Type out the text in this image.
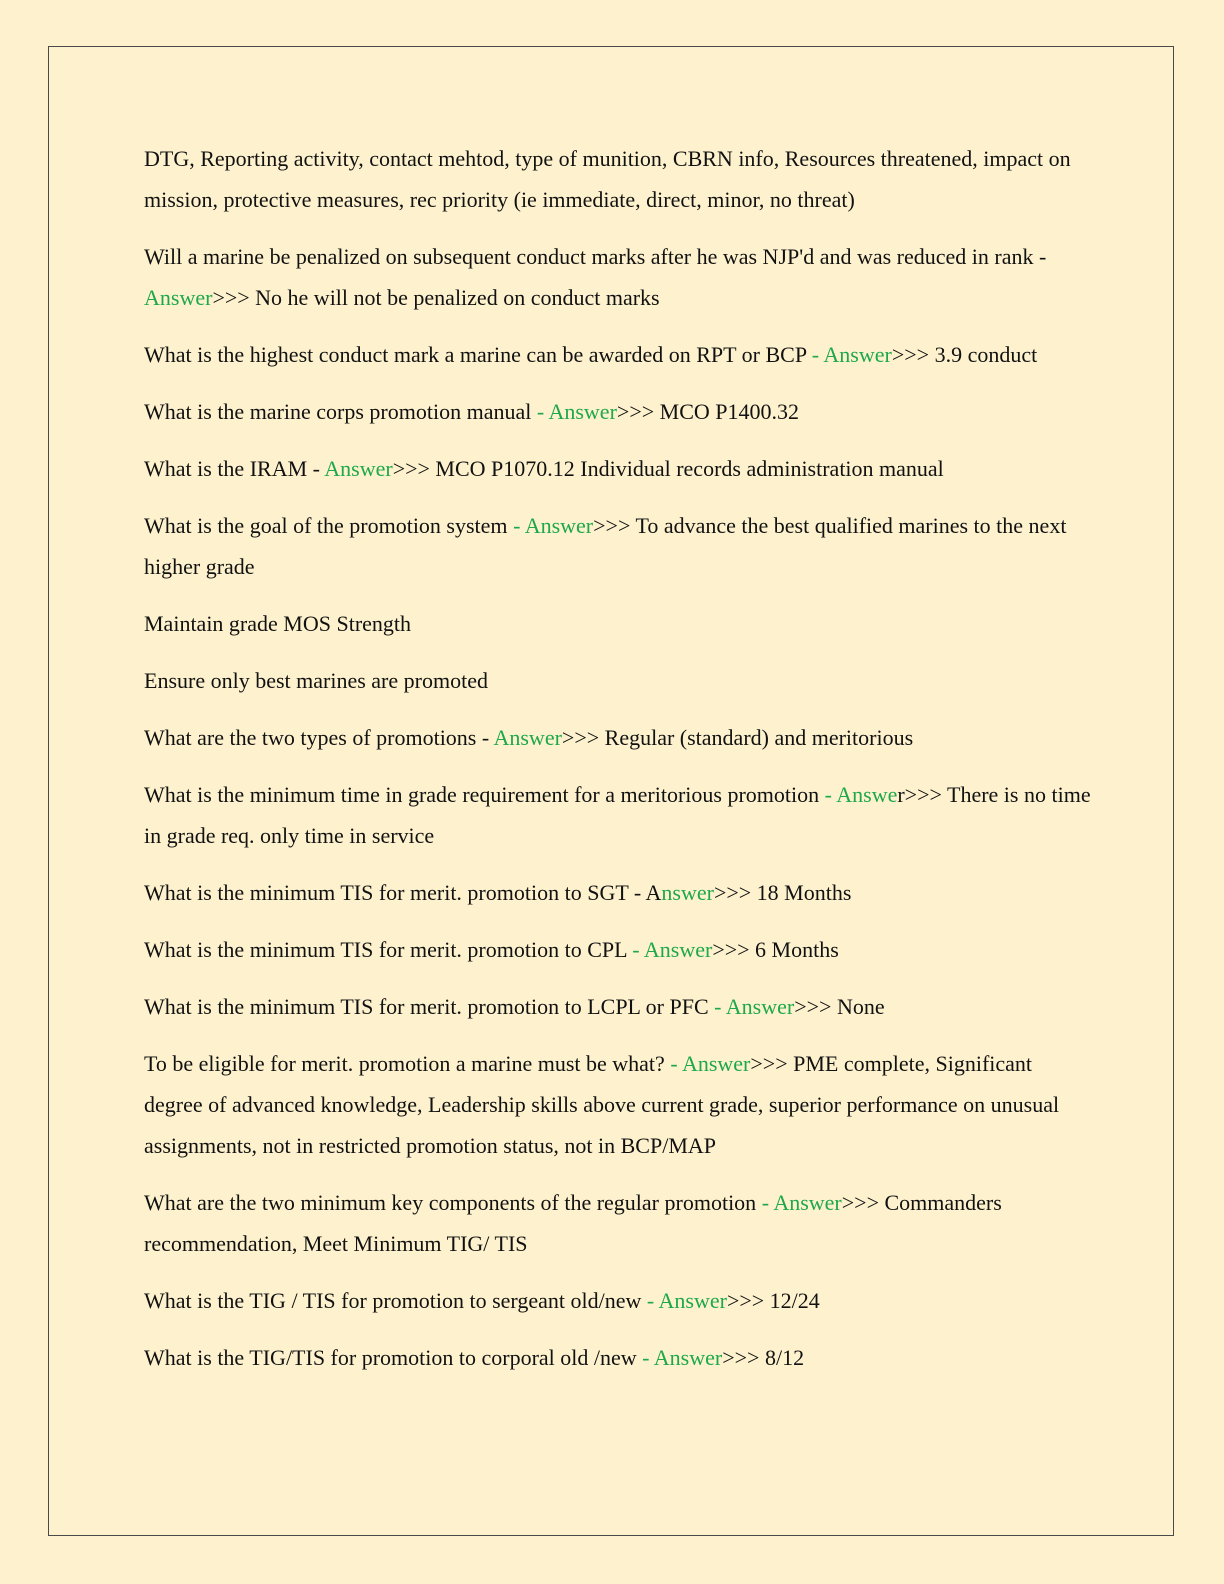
DTG, Reporting activity, contact mehtod, type of munition, CBRN info, Resources threatened, impact on mission, protective measures, rec priority (ie immediate, direct, minor, no threat)

Will a marine be penalized on subsequent conduct marks after he was NJP'd and was reduced in rank - Answer>>> No he will not be penalized on conduct marks

What is the highest conduct mark a marine can be awarded on RPT or BCP - Answer>>> 3.9 conduct

What is the marine corps promotion manual - Answer>>> MCO P1400.32

What is the IRAM - Answer>>> MCO P1070.12 Individual records administration manual

What is the goal of the promotion system - Answer>>> To advance the best qualified marines to the next higher grade

Maintain grade MOS Strength

Ensure only best marines are promoted

What are the two types of promotions - Answer>>> Regular (standard) and meritorious

What is the minimum time in grade requirement for a meritorious promotion - Answer>>> There is no time in grade req. only time in service

What is the minimum TIS for merit. promotion to SGT - Answer>>> 18 Months

What is the minimum TIS for merit. promotion to CPL - Answer>>> 6 Months

What is the minimum TIS for merit. promotion to LCPL or PFC - Answer>>> None

To be eligible for merit. promotion a marine must be what? - Answer>>> PME complete, Significant degree of advanced knowledge, Leadership skills above current grade, superior performance on unusual assignments, not in restricted promotion status, not in BCP/MAP

What are the two minimum key components of the regular promotion - Answer>>> Commanders recommendation, Meet Minimum TIG/ TIS

What is the TIG / TIS for promotion to sergeant old/new - Answer>>> 12/24

What is the TIG/TIS for promotion to corporal old /new - Answer>>> 8/12
